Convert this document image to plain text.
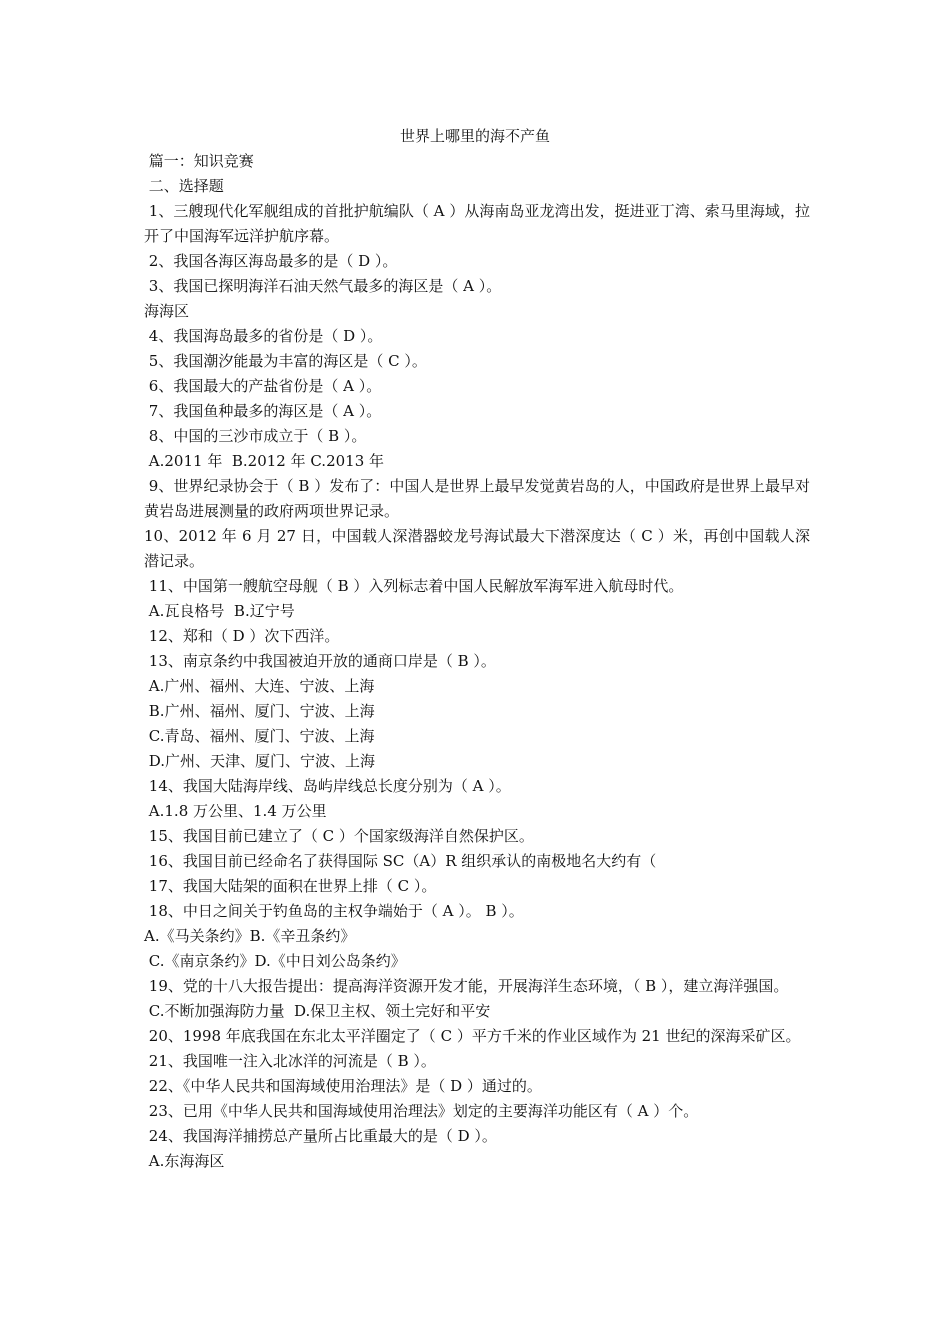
世界上哪里的海不产鱼
篇一：知识竞赛
二、选择题
1、三艘现代化军舰组成的首批护航编队（ A ）从海南岛亚龙湾出发，挺进亚丁湾、索马里海域，拉开了中国海军远洋护航序幕。
2、我国各海区海岛最多的是（ D ）。
3、我国已探明海洋石油天然气最多的海区是（ A ）。
海海区
4、我国海岛最多的省份是（ D ）。
5、我国潮汐能最为丰富的海区是（ C ）。
6、我国最大的产盐省份是（ A ）。
7、我国鱼种最多的海区是（ A ）。
8、中国的三沙市成立于（ B ）。
A.2011 年  B.2012 年 C.2013 年
9、世界纪录协会于（ B ）发布了：中国人是世界上最早发觉黄岩岛的人，中国政府是世界上最早对黄岩岛进展测量的政府两项世界记录。
10、2012 年 6 月 27 日，中国载人深潜器蛟龙号海试最大下潜深度达（ C ）米，再创中国载人深潜记录。
11、中国第一艘航空母舰（ B ）入列标志着中国人民解放军海军进入航母时代。
A.瓦良格号  B.辽宁号
12、郑和（ D ）次下西洋。
13、南京条约中我国被迫开放的通商口岸是（ B ）。
A.广州、福州、大连、宁波、上海
B.广州、福州、厦门、宁波、上海
C.青岛、福州、厦门、宁波、上海
D.广州、天津、厦门、宁波、上海
14、我国大陆海岸线、岛屿岸线总长度分别为（ A ）。
A.1.8 万公里、1.4 万公里
15、我国目前已建立了（ C ）个国家级海洋自然保护区。
16、我国目前已经命名了获得国际 SC（A）R 组织承认的南极地名大约有（
17、我国大陆架的面积在世界上排（ C ）。
18、中日之间关于钓鱼岛的主权争端始于（ A ）。 B ）。
A.《马关条约》B.《辛丑条约》
C.《南京条约》D.《中日刘公岛条约》
19、党的十八大报告提出：提高海洋资源开发才能，开展海洋生态环境，（ B ），建立海洋强国。
C.不断加强海防力量  D.保卫主权、领土完好和平安
20、1998 年底我国在东北太平洋圈定了（ C ）平方千米的作业区域作为 21 世纪的深海采矿区。
21、我国唯一注入北冰洋的河流是（ B ）。
22、《中华人民共和国海域使用治理法》是（ D ）通过的。
23、已用《中华人民共和国海域使用治理法》划定的主要海洋功能区有（ A ）个。
24、我国海洋捕捞总产量所占比重最大的是（ D ）。
A.东海海区
